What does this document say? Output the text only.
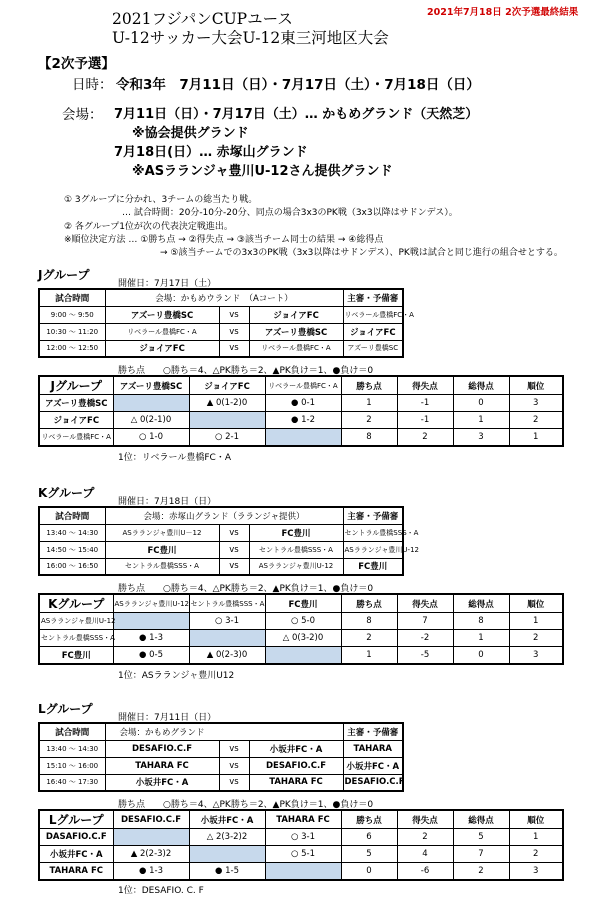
2021年7月18日 2次予選最終結果
2021フジパンCUPユース
U-12サッカー大会U-12東三河地区大会
【2次予選】
日時： 令和3年　7月11日（日）・7月17日（土）・7月18日（日）
会場： 7月11日（日）・7月17日（土）… かもめグランド（天然芝）
※協会提供グランド
7月18日(日）… 赤塚山グランド
※ASラランジャ豊川U-12さん提供グランド
① 3グループに分かれ、3チームの総当たり戦。
… 試合時間：20分-10分-20分、同点の場合3x3のPK戦（3x3以降はサドンデス）。
② 各グループ1位が次の代表決定戦進出。
※順位決定方法 … ①勝ち点 → ②得失点 → ③該当チーム同士の結果 → ④総得点
→ ⑤該当チームでの3x3のPK戦（3x3以降はサドンデス）、PK戦は試合と同じ進行の組合せとする。
Jグループ
開催日：7月17日（土）
試合時間	会場：かもめウランド　（Aコート）			主審・予備審
9:00 ～ 9:50	アズーリ豊橋SC	vs	ジョイアFC	リベラール豊橋FC・A
10:30 ～ 11:20	リベラール豊橋FC・A	vs	アズーリ豊橋SC	ジョイアFC
12:00 ～ 12:50	ジョイアFC	vs	リベラール豊橋FC・A	アズーリ豊橋SC
勝ち点　　○勝ち＝4、△PK勝ち＝2、▲PK負け＝1、●負け＝0
Jグループ	アズーリ豊橋SC	ジョイアFC	リベラール豊橋FC・A	勝ち点	得失点	総得点	順位
アズーリ豊橋SC		▲ 0(1-2)0	● 0-1	1	-1	0	3
ジョイアFC	△ 0(2-1)0		● 1-2	2	-1	1	2
リベラール豊橋FC・A	○ 1-0	○ 2-1		8	2	3	1
1位：リベラール豊橋FC・A
Kグループ
開催日：7月18日（日）
試合時間	会場：赤塚山グランド（ラランジャ提供）			主審・予備審
13:40 ～ 14:30	ASラランジャ豊川U－12	vs	FC豊川	セントラル豊橋SSS・A
14:50 ～ 15:40	FC豊川	vs	セントラル豊橋SSS・A	ASラランジャ豊川U-12
16:00 ～ 16:50	セントラル豊橋SSS・A	vs	ASラランジャ豊川U-12	FC豊川
勝ち点　　○勝ち＝4、△PK勝ち＝2、▲PK負け＝1、●負け＝0
Kグループ	ASラランジャ豊川U-12	セントラル豊橋SSS・A	FC豊川	勝ち点	得失点	総得点	順位
ASラランジャ豊川U-12		○ 3-1	○ 5-0	8	7	8	1
セントラル豊橋SSS・A	● 1-3		△ 0(3-2)0	2	-2	1	2
FC豊川	● 0-5	▲ 0(2-3)0		1	-5	0	3
1位：ASラランジャ豊川U12
Lグループ
開催日：7月11日（日）
試合時間	会場：かもめグランド			主審・予備審
13:40 ～ 14:30	DESAFIO.C.F	vs	小坂井FC・A	TAHARA
15:10 ～ 16:00	TAHARA FC	vs	DESAFIO.C.F	小坂井FC・A
16:40 ～ 17:30	小坂井FC・A	vs	TAHARA FC	DESAFIO.C.F
勝ち点　　○勝ち＝4、△PK勝ち＝2、▲PK負け＝1、●負け＝0
Lグループ	DESAFIO.C.F	小坂井FC・A	TAHARA FC	勝ち点	得失点	総得点	順位
DASAFIO.C.F		△ 2(3-2)2	○ 3-1	6	2	5	1
小坂井FC・A	▲ 2(2-3)2		○ 5-1	5	4	7	2
TAHARA FC	● 1-3	● 1-5		0	-6	2	3
1位：DESAFIO. C. F
